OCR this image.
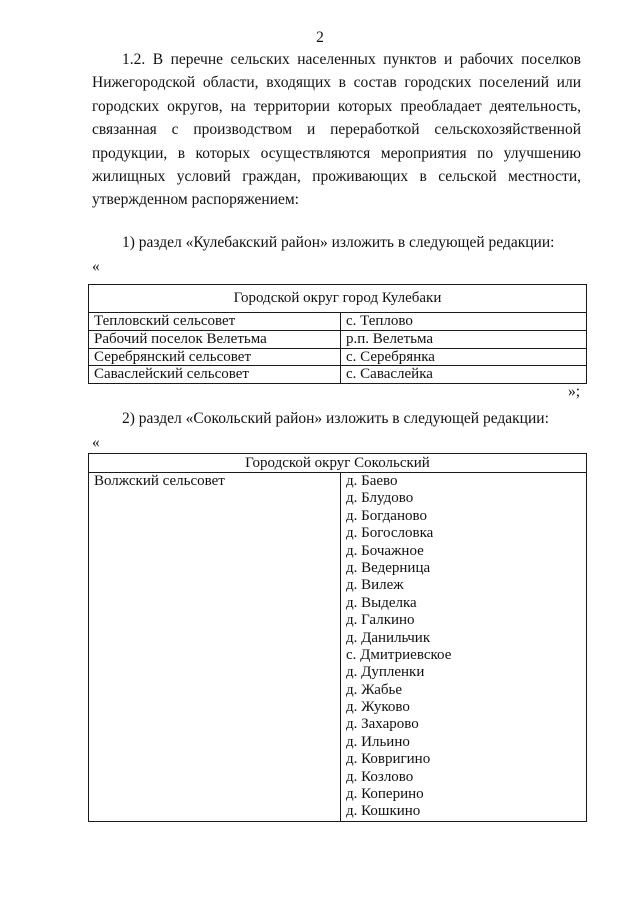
2
1.2. В перечне сельских населенных пунктов и рабочих поселков
Нижегородской области, входящих в состав городских поселений или
городских округов, на территории которых преобладает деятельность,
связанная с производством и переработкой сельскохозяйственной
продукции, в которых осуществляются мероприятия по улучшению
жилищных условий граждан, проживающих в сельской местности,
утвержденном распоряжением:
1) раздел «Кулебакский район» изложить в следующей редакции:
«
Городской округ город Кулебаки	
Тепловский сельсовет	с. Теплово
Рабочий поселок Велетьма	р.п. Велетьма
Серебрянский сельсовет	с. Серебрянка
Саваслейский сельсовет	с. Саваслейка
»;
2) раздел «Сокольский район» изложить в следующей редакции:
«
Городской округ Сокольский
Волжский сельсовет	д. Баево
д. Блудово
д. Богданово
д. Богословка
д. Бочажное
д. Ведерница
д. Вилеж
д. Выделка
д. Галкино
д. Данильчик
с. Дмитриевское
д. Дупленки
д. Жабье
д. Жуково
д. Захарово
д. Ильино
д. Ковригино
д. Козлово
д. Коперино
д. Кошкино
